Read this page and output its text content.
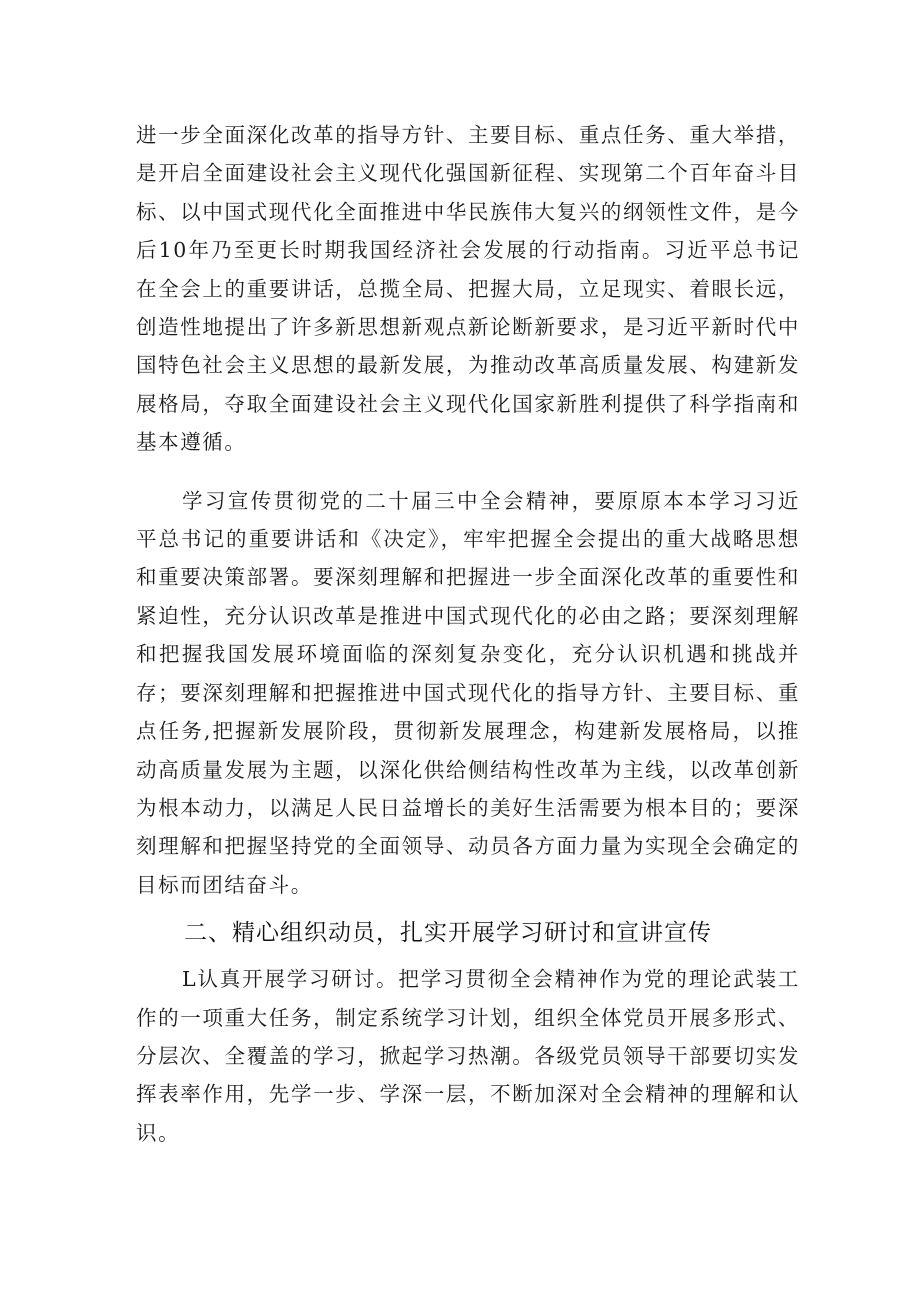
进一步全面深化改革的指导方针、主要目标、重点任务、重大举措，是开启全面建设社会主义现代化强国新征程、实现第二个百年奋斗目标、以中国式现代化全面推进中华民族伟大复兴的纲领性文件，是今后10年乃至更长时期我国经济社会发展的行动指南。习近平总书记在全会上的重要讲话，总揽全局、把握大局，立足现实、着眼长远，创造性地提出了许多新思想新观点新论断新要求，是习近平新时代中国特色社会主义思想的最新发展，为推动改革高质量发展、构建新发展格局，夺取全面建设社会主义现代化国家新胜利提供了科学指南和基本遵循。

学习宣传贯彻党的二十届三中全会精神，要原原本本学习习近平总书记的重要讲话和《决定》，牢牢把握全会提出的重大战略思想和重要决策部署。要深刻理解和把握进一步全面深化改革的重要性和紧迫性，充分认识改革是推进中国式现代化的必由之路；要深刻理解和把握我国发展环境面临的深刻复杂变化，充分认识机遇和挑战并存；要深刻理解和把握推进中国式现代化的指导方针、主要目标、重点任务,把握新发展阶段，贯彻新发展理念，构建新发展格局，以推动高质量发展为主题，以深化供给侧结构性改革为主线，以改革创新为根本动力，以满足人民日益增长的美好生活需要为根本目的；要深刻理解和把握坚持党的全面领导、动员各方面力量为实现全会确定的目标而团结奋斗。

二、精心组织动员，扎实开展学习研讨和宣讲宣传

L认真开展学习研讨。把学习贯彻全会精神作为党的理论武装工作的一项重大任务，制定系统学习计划，组织全体党员开展多形式、分层次、全覆盖的学习，掀起学习热潮。各级党员领导干部要切实发挥表率作用，先学一步、学深一层，不断加深对全会精神的理解和认识。
